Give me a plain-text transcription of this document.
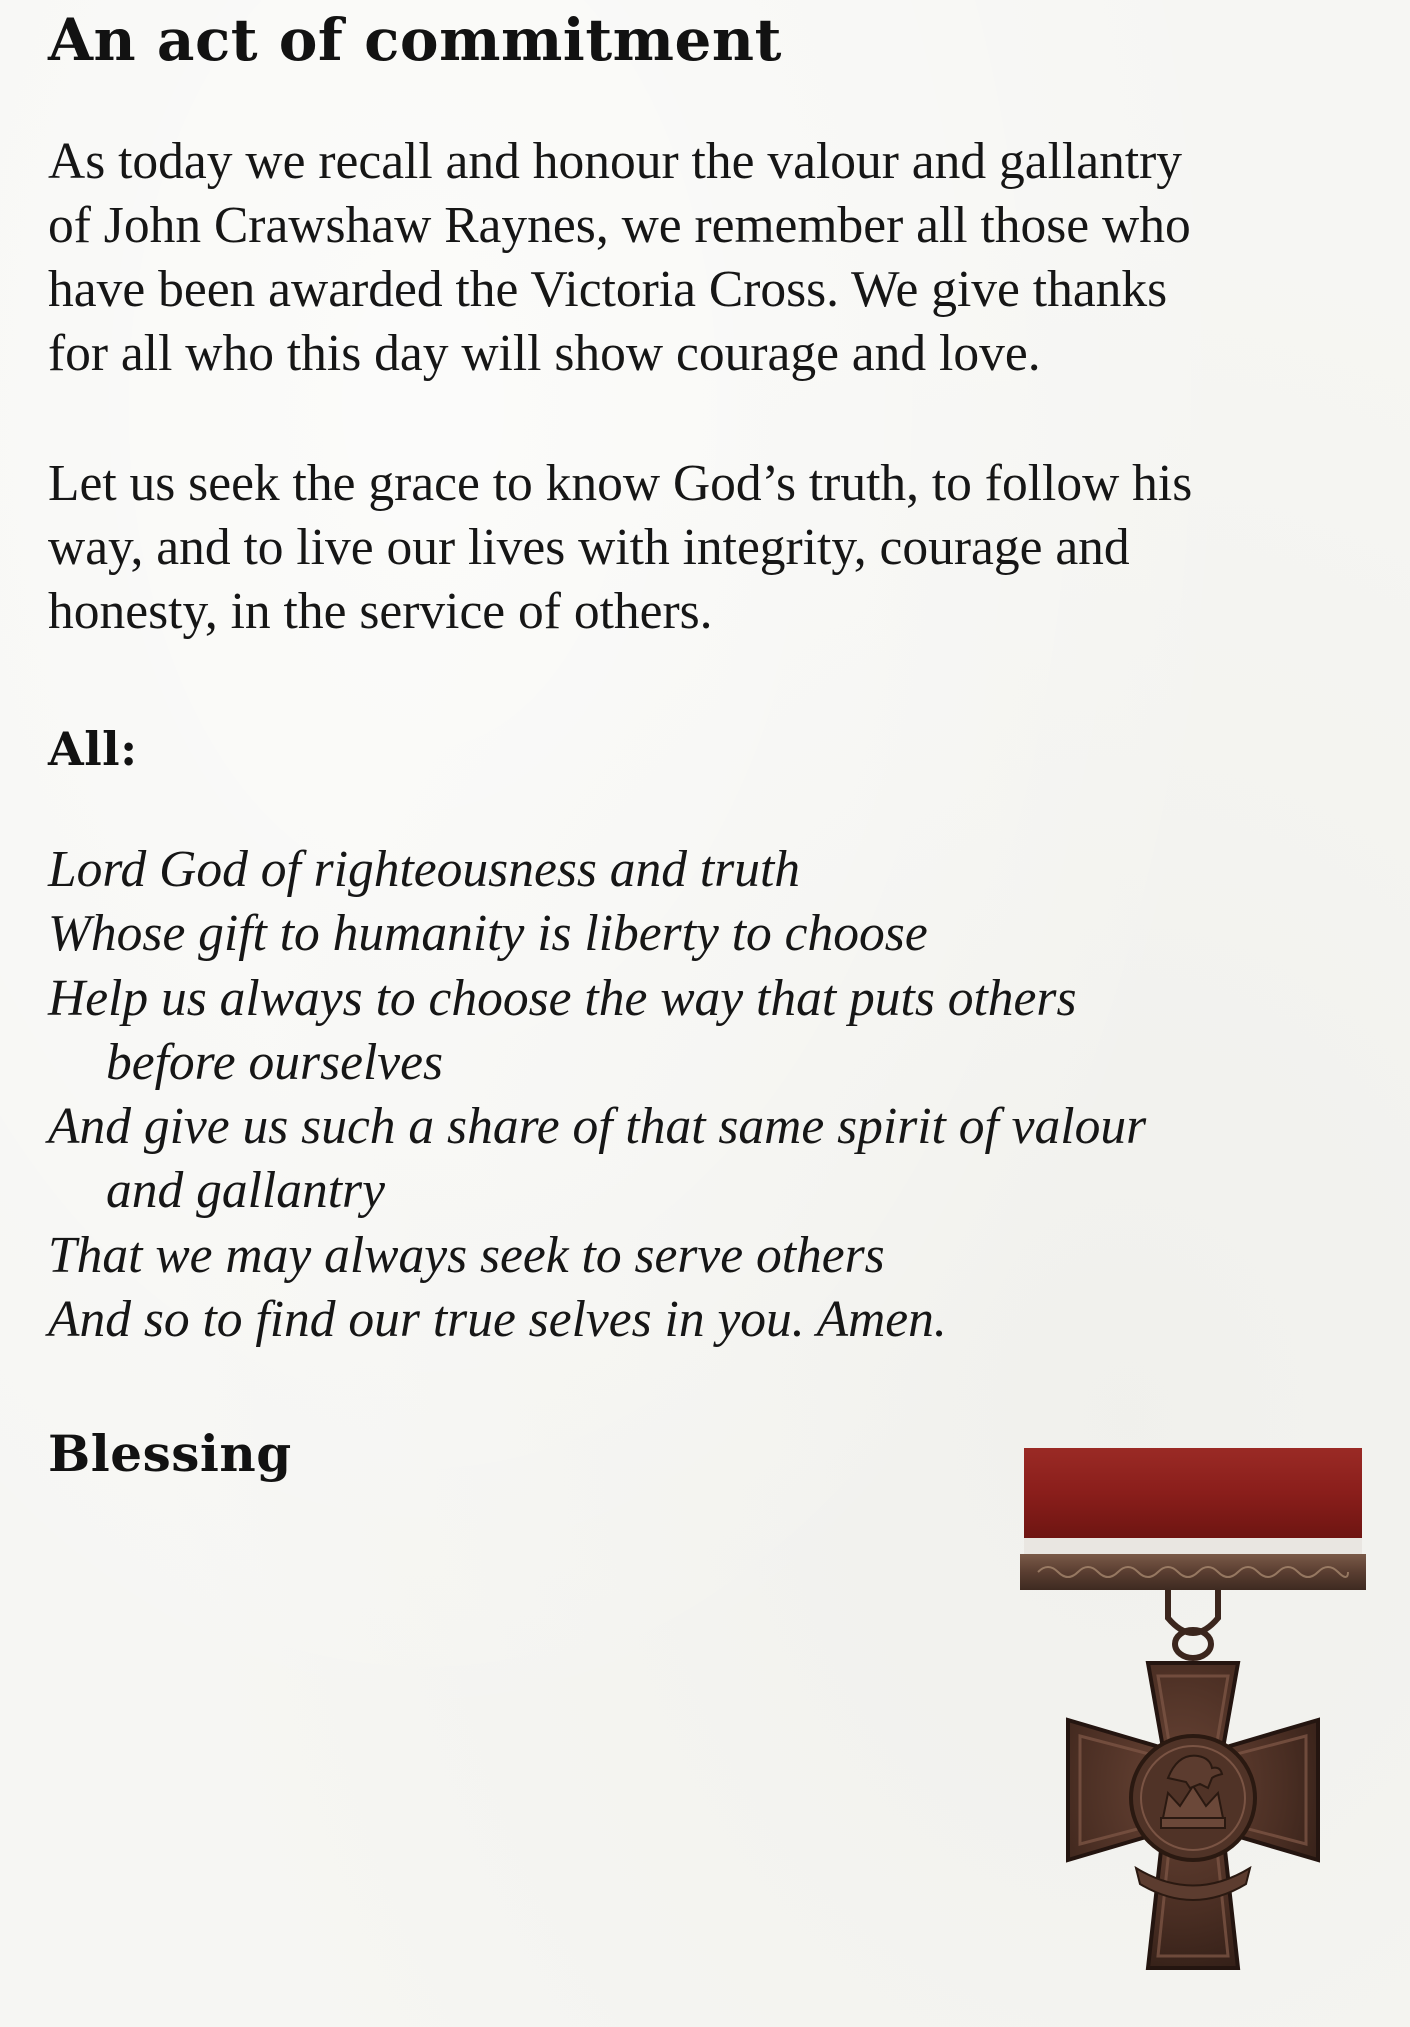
An act of commitment

As today we recall and honour the valour and gallantry
of John Crawshaw Raynes, we remember all those who
have been awarded the Victoria Cross. We give thanks
for all who this day will show courage and love.

Let us seek the grace to know God’s truth, to follow his
way, and to live our lives with integrity, courage and
honesty, in the service of others.

All:
Lord God of righteousness and truth
Whose gift to humanity is liberty to choose
Help us always to choose the way that puts others
before ourselves
And give us such a share of that same spirit of valour
and gallantry
That we may always seek to serve others
And so to find our true selves in you. Amen.
Blessing
